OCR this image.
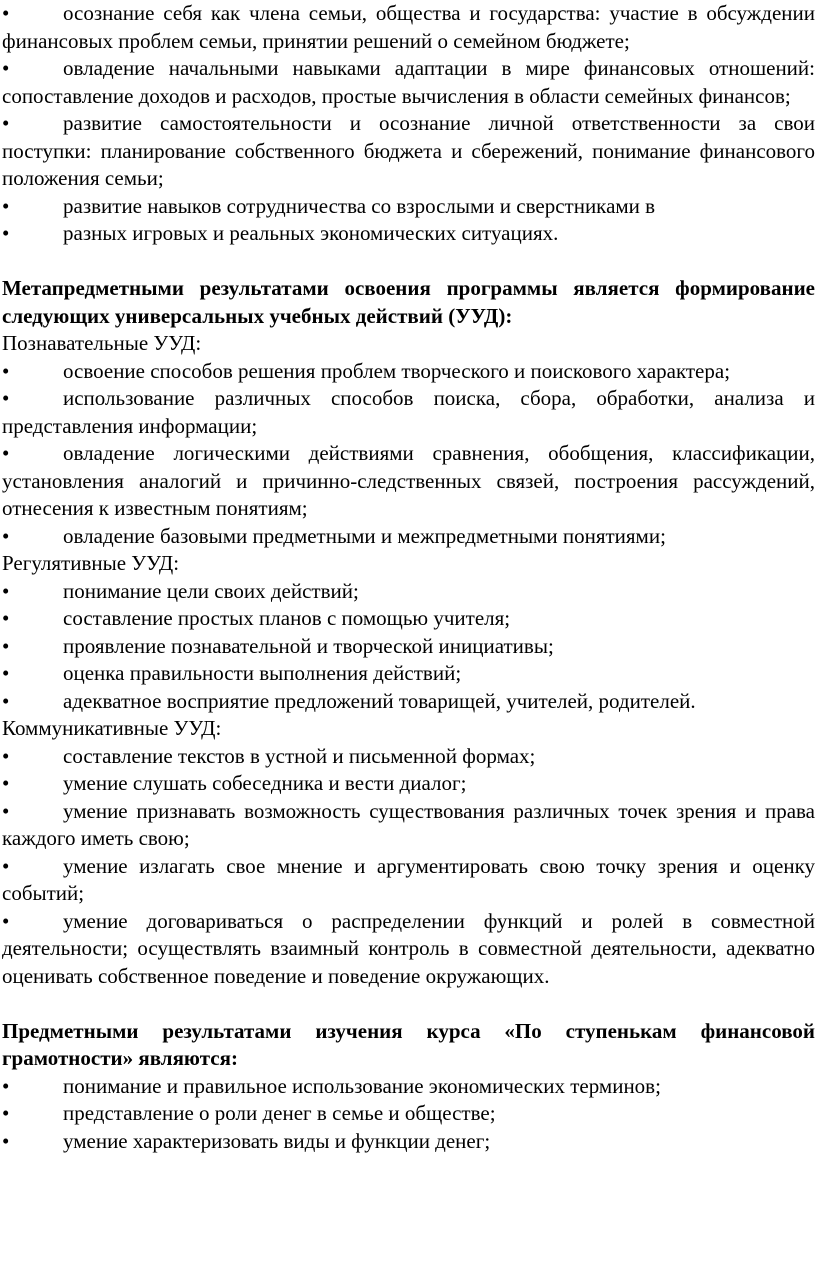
•	осознание себя как члена семьи, общества и государства: участие в обсуждении финансовых проблем семьи, принятии решений о семейном бюджете;

•	овладение начальными навыками адаптации в мире финансовых отношений: сопоставление доходов и расходов, простые вычисления в области семейных финансов;

•	развитие самостоятельности и осознание личной ответственности за свои поступки: планирование собственного бюджета и сбережений, понимание финансового положения семьи;

•	развитие навыков сотрудничества со взрослыми и сверстниками в

•	разных игровых и реальных экономических ситуациях.

Метапредметными результатами освоения программы является формирование следующих универсальных учебных действий (УУД):

Познавательные УУД:

•	освоение способов решения проблем творческого и поискового характера;

•	использование различных способов поиска, сбора, обработки, анализа и представления информации;

•	овладение логическими действиями сравнения, обобщения, классификации, установления аналогий и причинно-следственных связей, построения рассуждений, отнесения к известным понятиям;

•	овладение базовыми предметными и межпредметными понятиями;

Регулятивные УУД:

•	понимание цели своих действий;

•	составление простых планов с помощью учителя;

•	проявление познавательной и творческой инициативы;

•	оценка правильности выполнения действий;

•	адекватное восприятие предложений товарищей, учителей, родителей.

Коммуникативные УУД:

•	составление текстов в устной и письменной формах;

•	умение слушать собеседника и вести диалог;

•	умение признавать возможность существования различных точек зрения и права каждого иметь свою;

•	умение излагать свое мнение и аргументировать свою точку зрения и оценку событий;

•	умение договариваться о распределении функций и ролей в совместной деятельности; осуществлять взаимный контроль в совместной деятельности, адекватно оценивать собственное поведение и поведение окружающих.

Предметными результатами изучения курса «По ступенькам финансовой грамотности» являются:

•	понимание и правильное использование экономических терминов;

•	представление о роли денег в семье и обществе;

•	умение характеризовать виды и функции денег;
